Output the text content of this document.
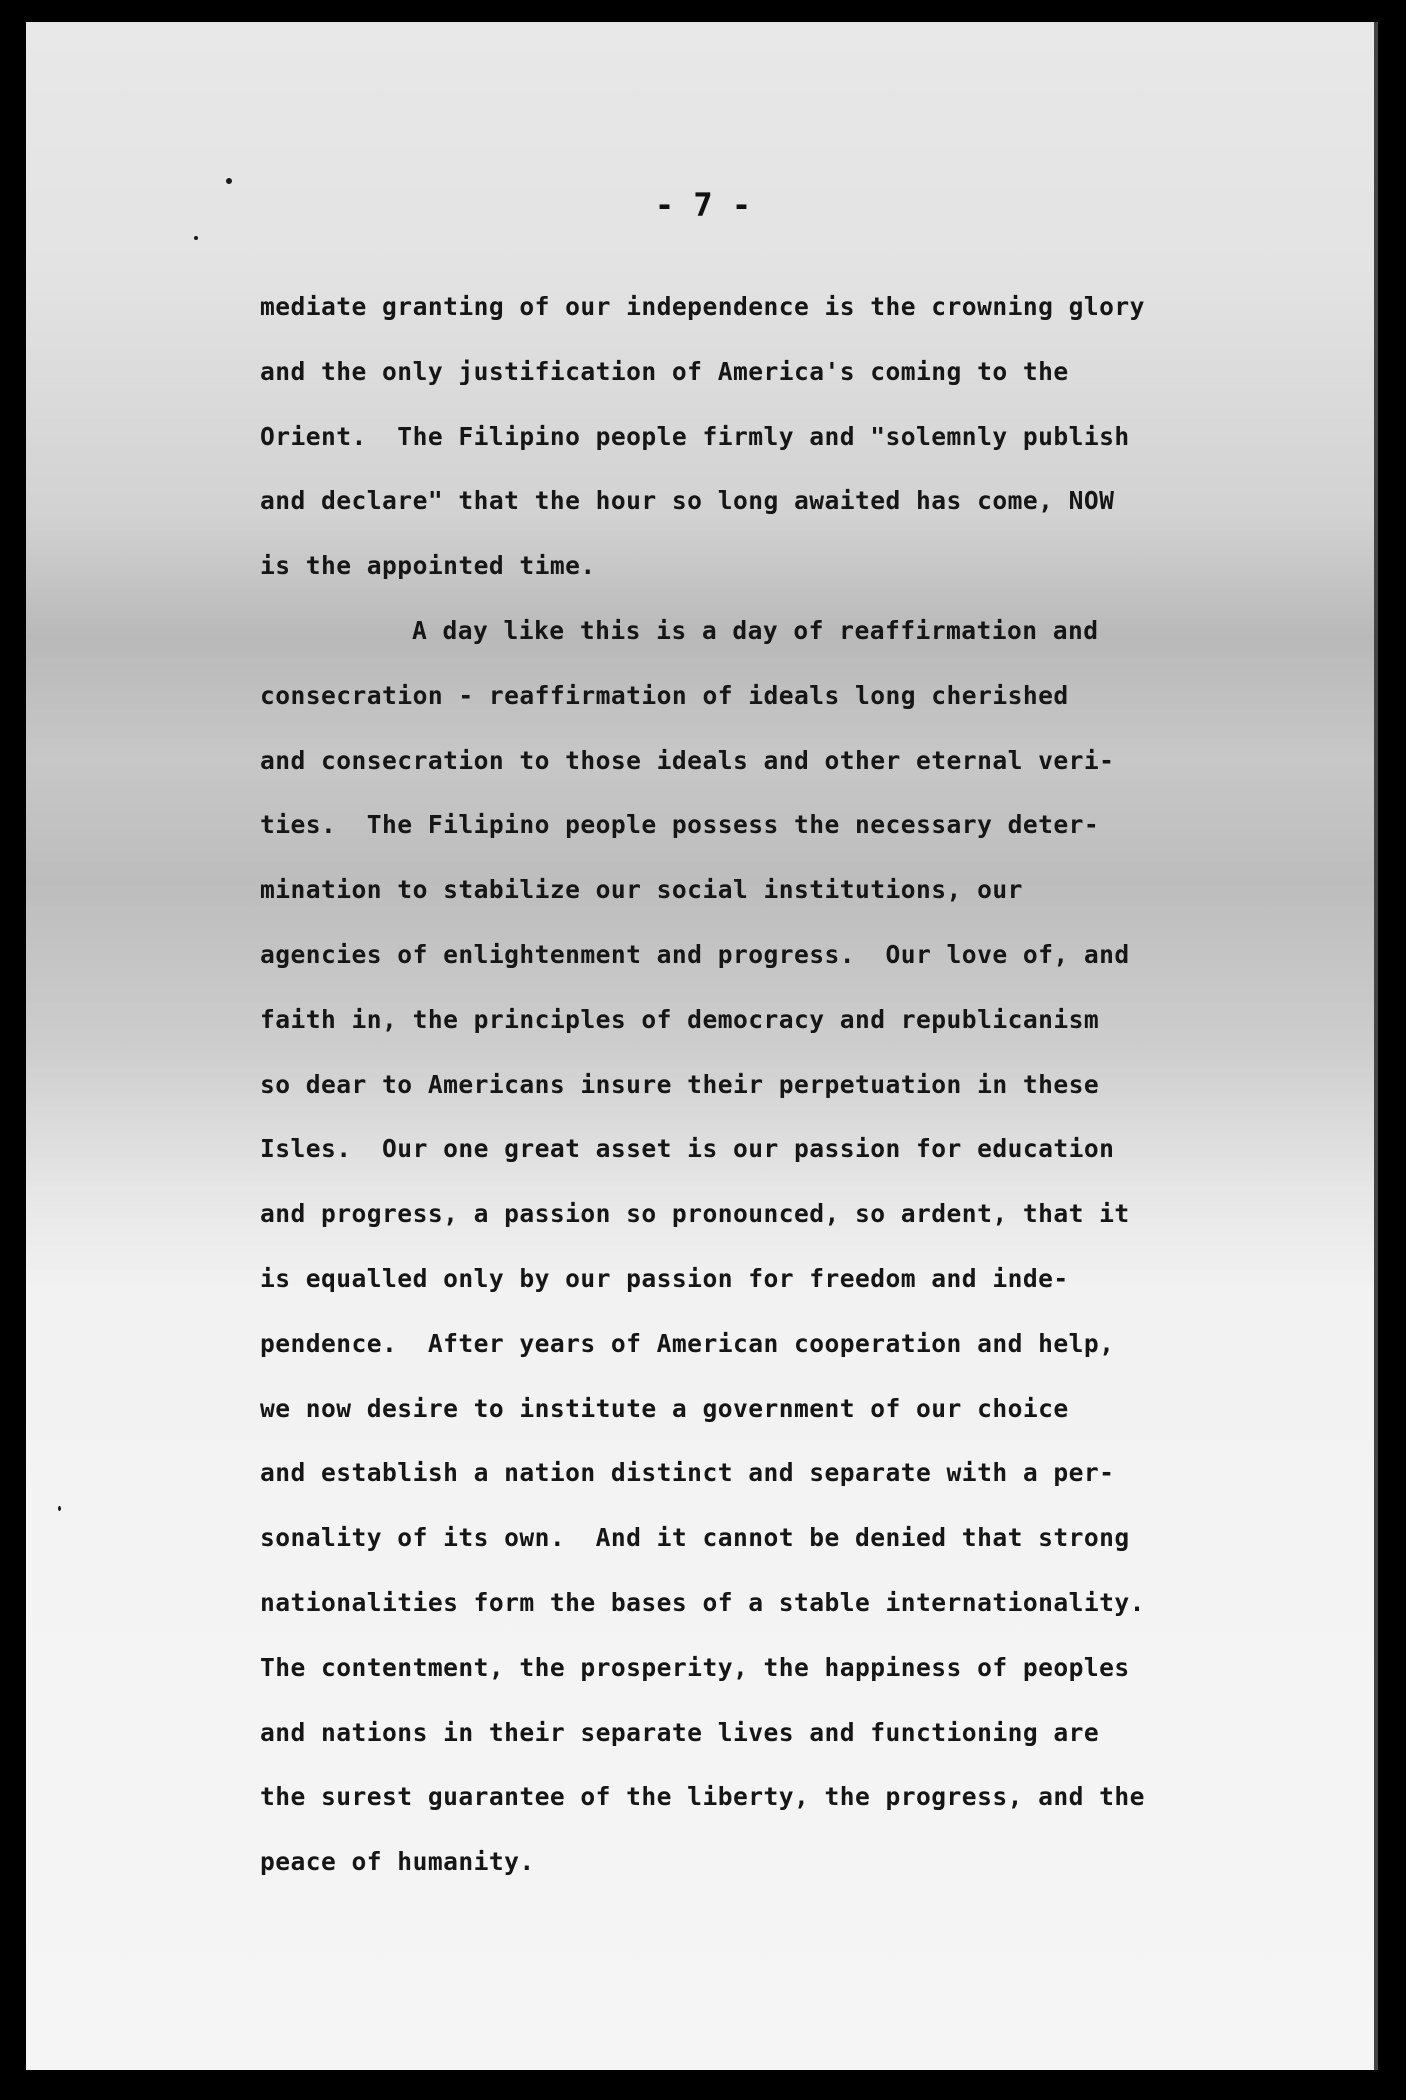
- 7 -
mediate granting of our independence is the crowning glory
and the only justification of America's coming to the
Orient.  The Filipino people firmly and "solemnly publish
and declare" that the hour so long awaited has come, NOW
is the appointed time.
A day like this is a day of reaffirmation and
consecration - reaffirmation of ideals long cherished
and consecration to those ideals and other eternal veri-
ties.  The Filipino people possess the necessary deter-
mination to stabilize our social institutions, our
agencies of enlightenment and progress.  Our love of, and
faith in, the principles of democracy and republicanism
so dear to Americans insure their perpetuation in these
Isles.  Our one great asset is our passion for education
and progress, a passion so pronounced, so ardent, that it
is equalled only by our passion for freedom and inde-
pendence.  After years of American cooperation and help,
we now desire to institute a government of our choice
and establish a nation distinct and separate with a per-
sonality of its own.  And it cannot be denied that strong
nationalities form the bases of a stable internationality.
The contentment, the prosperity, the happiness of peoples
and nations in their separate lives and functioning are
the surest guarantee of the liberty, the progress, and the
peace of humanity.
